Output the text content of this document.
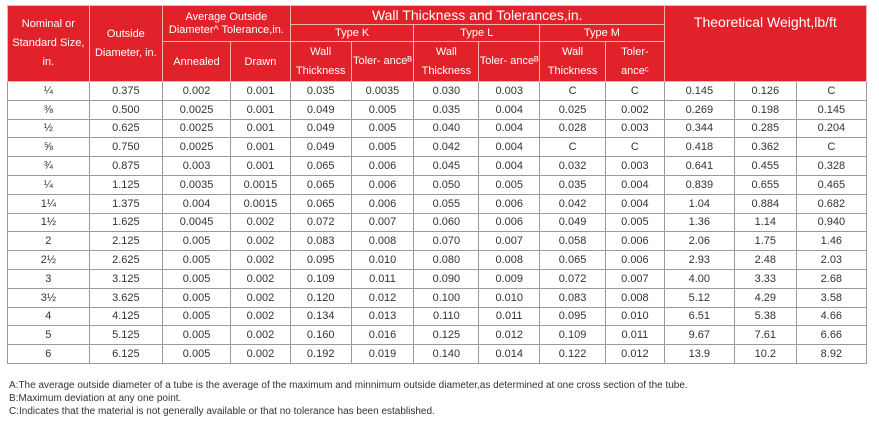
Nominal or Standard Size, in.	Outside Diameter, in.	Average Outside Diameter^ Tolerance,in.		Wall Thickness and Tolerances,in.						Theoretical Weight,lb/ft		
				Type K		Type L		Type M				
		Annealed	Drawn	Wall Thickness	Toler- anceᴮ	Wall Thickness	Toler- anceᴮ	Wall Thickness	Toler- anceᶜ			
¼	0.375	0.002	0.001	0.035	0.0035	0.030	0.003	C	C	0.145	0.126	C
⅜	0.500	0.0025	0.001	0.049	0.005	0.035	0.004	0.025	0.002	0.269	0.198	0.145
½	0.625	0.0025	0.001	0.049	0.005	0.040	0.004	0.028	0.003	0.344	0.285	0.204
⅝	0.750	0.0025	0.001	0.049	0.005	0.042	0.004	C	C	0.418	0.362	C
¾	0.875	0.003	0.001	0.065	0.006	0.045	0.004	0.032	0.003	0.641	0.455	0.328
¼	1.125	0.0035	0.0015	0.065	0.006	0.050	0.005	0.035	0.004	0.839	0.655	0.465
1¼	1.375	0.004	0.0015	0.065	0.006	0.055	0.006	0.042	0.004	1.04	0.884	0.682
1½	1.625	0.0045	0.002	0.072	0.007	0.060	0.006	0.049	0.005	1.36	1.14	0.940
2	2.125	0.005	0.002	0.083	0.008	0.070	0.007	0.058	0.006	2.06	1.75	1.46
2½	2.625	0.005	0.002	0.095	0.010	0.080	0.008	0.065	0.006	2.93	2.48	2.03
3	3.125	0.005	0.002	0.109	0.011	0.090	0.009	0.072	0.007	4.00	3.33	2.68
3½	3.625	0.005	0.002	0.120	0.012	0.100	0.010	0.083	0.008	5.12	4.29	3.58
4	4.125	0.005	0.002	0.134	0.013	0.110	0.011	0.095	0.010	6.51	5.38	4.66
5	5.125	0.005	0.002	0.160	0.016	0.125	0.012	0.109	0.011	9.67	7.61	6.66
6	6.125	0.005	0.002	0.192	0.019	0.140	0.014	0.122	0.012	13.9	10.2	8.92
A:The average outside diameter of a tube is the average of the maximum and minnimum outside diameter,as determined at one cross section of the tube.
B:Maximum deviation at any one point.
C:Indicates that the material is not generally available or that no tolerance has been established.
